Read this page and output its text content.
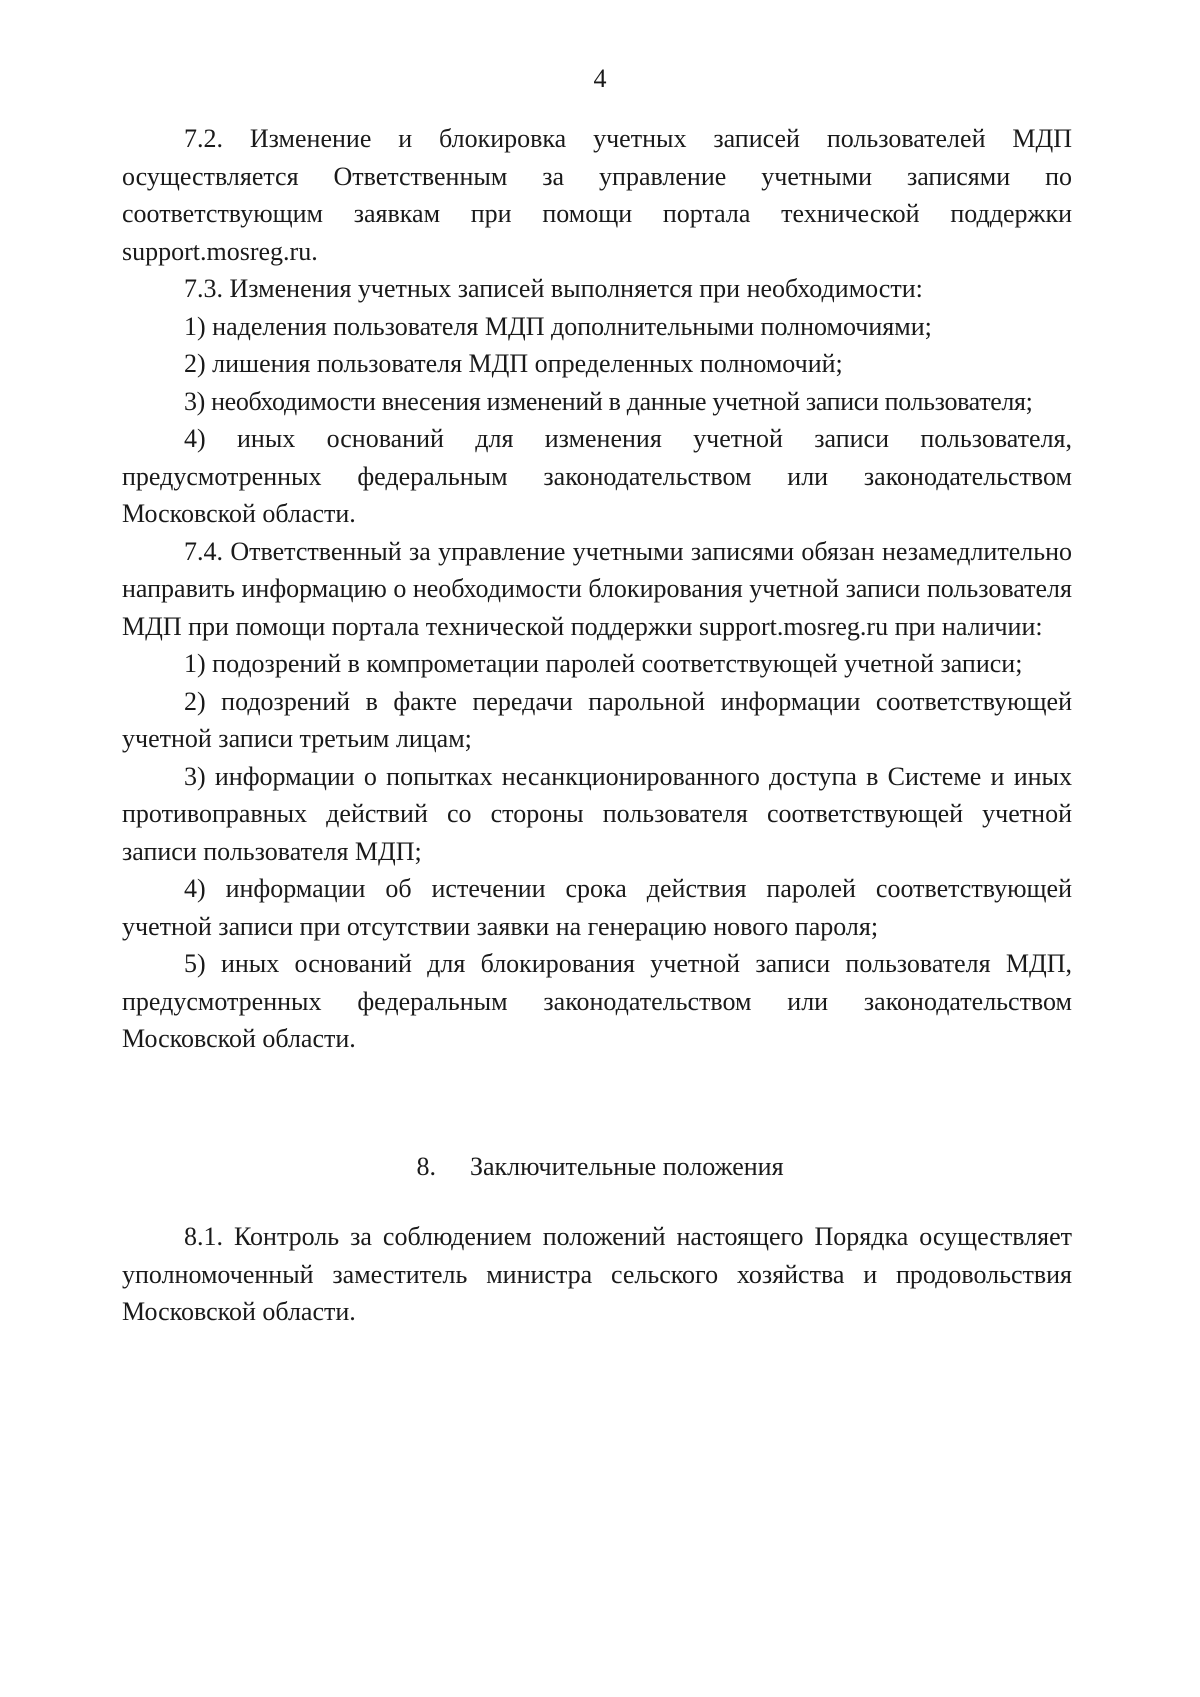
4

7.2. Изменение и блокировка учетных записей пользователей МДП осуществляется Ответственным за управление учетными записями по соответствующим заявкам при помощи портала технической поддержки support.mosreg.ru.

7.3. Изменения учетных записей выполняется при необходимости:

1) наделения пользователя МДП дополнительными полномочиями;

2) лишения пользователя МДП определенных полномочий;

3) необходимости внесения изменений в данные учетной записи пользователя;

4) иных оснований для изменения учетной записи пользователя, предусмотренных федеральным законодательством или законодательством Московской области.

7.4. Ответственный за управление учетными записями обязан незамедлительно направить информацию о необходимости блокирования учетной записи пользователя МДП при помощи портала технической поддержки support.mosreg.ru при наличии:

1) подозрений в компрометации паролей соответствующей учетной записи;

2) подозрений в факте передачи парольной информации соответствующей учетной записи третьим лицам;

3) информации о попытках несанкционированного доступа в Системе и иных противоправных действий со стороны пользователя соответствующей учетной записи пользователя МДП;

4) информации об истечении срока действия паролей соответствующей учетной записи при отсутствии заявки на генерацию нового пароля;

5) иных оснований для блокирования учетной записи пользователя МДП, предусмотренных федеральным законодательством или законодательством Московской области.

8. Заключительные положения

8.1. Контроль за соблюдением положений настоящего Порядка осуществляет уполномоченный заместитель министра сельского хозяйства и продовольствия Московской области.
